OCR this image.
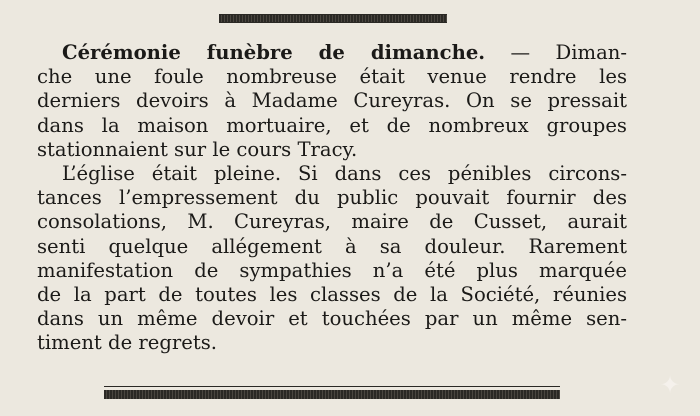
Cérémonie funèbre de dimanche. — Diman-
che une foule nombreuse était venue rendre les
derniers devoirs à Madame Cureyras. On se pressait
dans la maison mortuaire, et de nombreux groupes
stationnaient sur le cours Tracy.
L’église était pleine. Si dans ces pénibles circons-
tances l’empressement du public pouvait fournir des
consolations, M. Cureyras, maire de Cusset, aurait
senti quelque allégement à sa douleur. Rarement
manifestation de sympathies n’a été plus marquée
de la part de toutes les classes de la Société, réunies
dans un même devoir et touchées par un même sen-
timent de regrets.
✦
